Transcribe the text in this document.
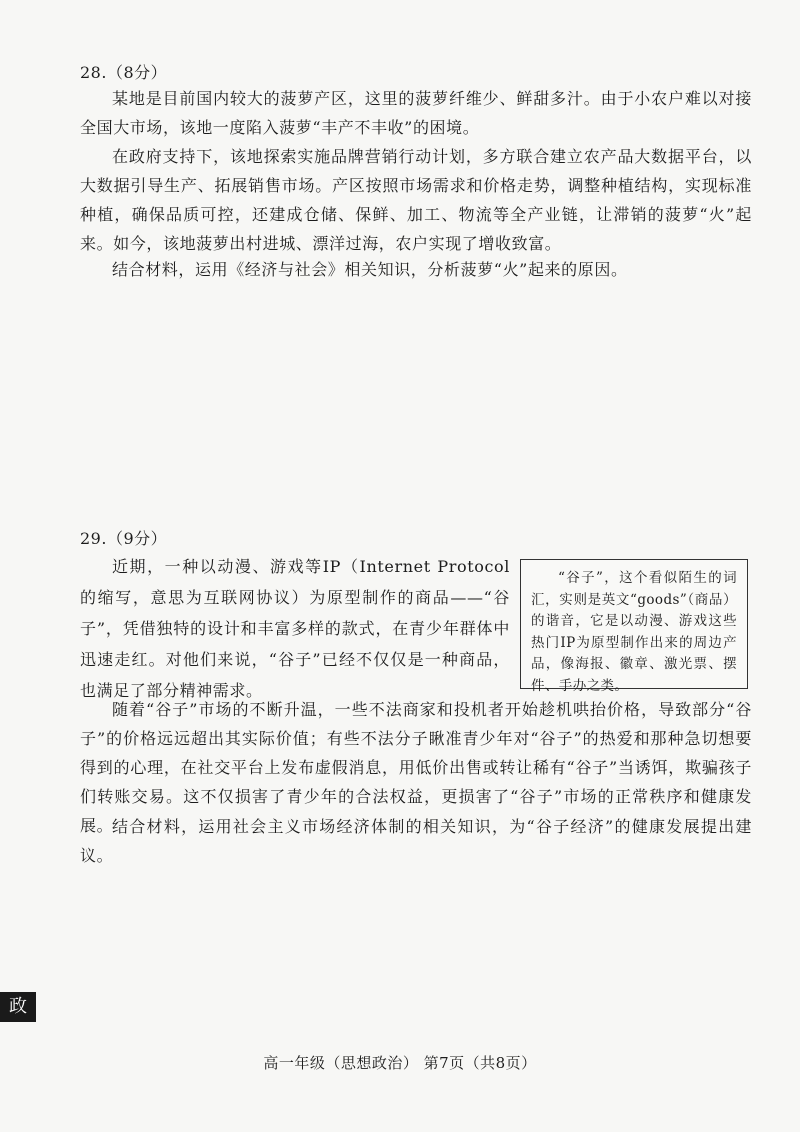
28.（8分）

某地是目前国内较大的菠萝产区，这里的菠萝纤维少、鲜甜多汁。由于小农户难以对接全国大市场，该地一度陷入菠萝“丰产不丰收”的困境。

在政府支持下，该地探索实施品牌营销行动计划，多方联合建立农产品大数据平台，以大数据引导生产、拓展销售市场。产区按照市场需求和价格走势，调整种植结构，实现标准种植，确保品质可控，还建成仓储、保鲜、加工、物流等全产业链，让滞销的菠萝“火”起来。如今，该地菠萝出村进城、漂洋过海，农户实现了增收致富。

结合材料，运用《经济与社会》相关知识，分析菠萝“火”起来的原因。

29.（9分）

近期，一种以动漫、游戏等IP（Internet Protocol的缩写，意思为互联网协议）为原型制作的商品——“谷子”，凭借独特的设计和丰富多样的款式，在青少年群体中迅速走红。对他们来说，“谷子”已经不仅仅是一种商品，也满足了部分精神需求。

“谷子”，这个看似陌生的词汇，实则是英文“goods”（商品）的谐音，它是以动漫、游戏这些热门IP为原型制作出来的周边产品，像海报、徽章、激光票、摆件、手办之类。

随着“谷子”市场的不断升温，一些不法商家和投机者开始趁机哄抬价格，导致部分“谷子”的价格远远超出其实际价值；有些不法分子瞅准青少年对“谷子”的热爱和那种急切想要得到的心理，在社交平台上发布虚假消息，用低价出售或转让稀有“谷子”当诱饵，欺骗孩子们转账交易。这不仅损害了青少年的合法权益，更损害了“谷子”市场的正常秩序和健康发展。

结合材料，运用社会主义市场经济体制的相关知识，为“谷子经济”的健康发展提出建议。

政
高一年级（思想政治） 第7页（共8页）
